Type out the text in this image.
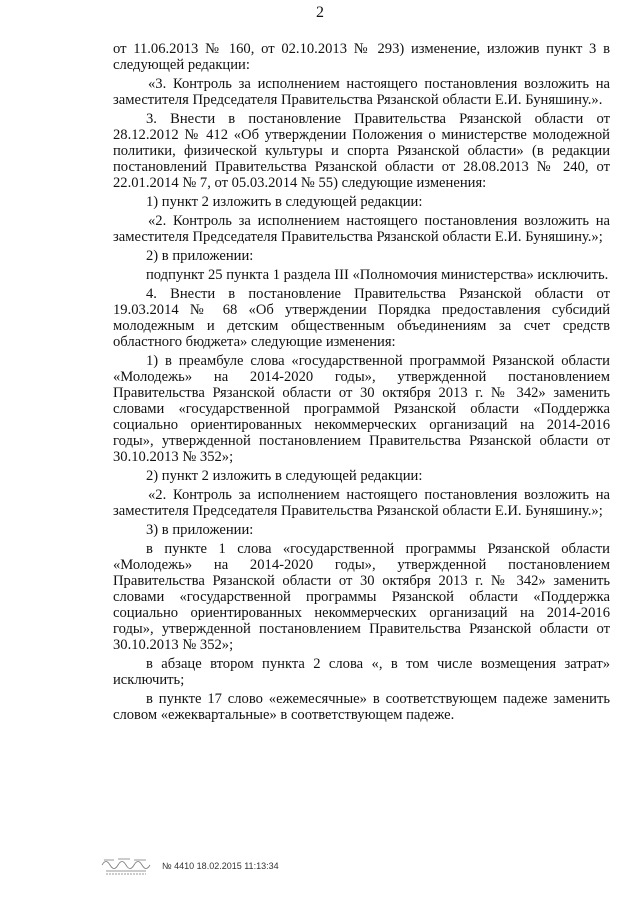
2

от 11.06.2013 № 160, от 02.10.2013 № 293) изменение, изложив пункт 3 в следующей редакции:

«3. Контроль за исполнением настоящего постановления возложить на заместителя Председателя Правительства Рязанской области Е.И. Буняшину.».

3. Внести в постановление Правительства Рязанской области от 28.12.2012 № 412 «Об утверждении Положения о министерстве молодежной политики, физической культуры и спорта Рязанской области» (в редакции постановлений Правительства Рязанской области от 28.08.2013 № 240, от 22.01.2014 № 7, от 05.03.2014 № 55) следующие изменения:

1) пункт 2 изложить в следующей редакции:

«2. Контроль за исполнением настоящего постановления возложить на заместителя Председателя Правительства Рязанской области Е.И. Буняшину.»;

2) в приложении:

подпункт 25 пункта 1 раздела III «Полномочия министерства» исключить.

4. Внести в постановление Правительства Рязанской области от 19.03.2014 № 68 «Об утверждении Порядка предоставления субсидий молодежным и детским общественным объединениям за счет средств областного бюджета» следующие изменения:

1) в преамбуле слова «государственной программой Рязанской области «Молодежь» на 2014-2020 годы», утвержденной постановлением Правительства Рязанской области от 30 октября 2013 г. № 342» заменить словами «государственной программой Рязанской области «Поддержка социально ориентированных некоммерческих организаций на 2014-2016 годы», утвержденной постановлением Правительства Рязанской области от 30.10.2013 № 352»;

2) пункт 2 изложить в следующей редакции:

«2. Контроль за исполнением настоящего постановления возложить на заместителя Председателя Правительства Рязанской области Е.И. Буняшину.»;

3) в приложении:

в пункте 1 слова «государственной программы Рязанской области «Молодежь» на 2014-2020 годы», утвержденной постановлением Правительства Рязанской области от 30 октября 2013 г. № 342» заменить словами «государственной программы Рязанской области «Поддержка социально ориентированных некоммерческих организаций на 2014-2016 годы», утвержденной постановлением Правительства Рязанской области от 30.10.2013 № 352»;

в абзаце втором пункта 2 слова «, в том числе возмещения затрат» исключить;

в пункте 17 слово «ежемесячные» в соответствующем падеже заменить словом «ежеквартальные» в соответствующем падеже.

№ 4410 18.02.2015 11:13:34
